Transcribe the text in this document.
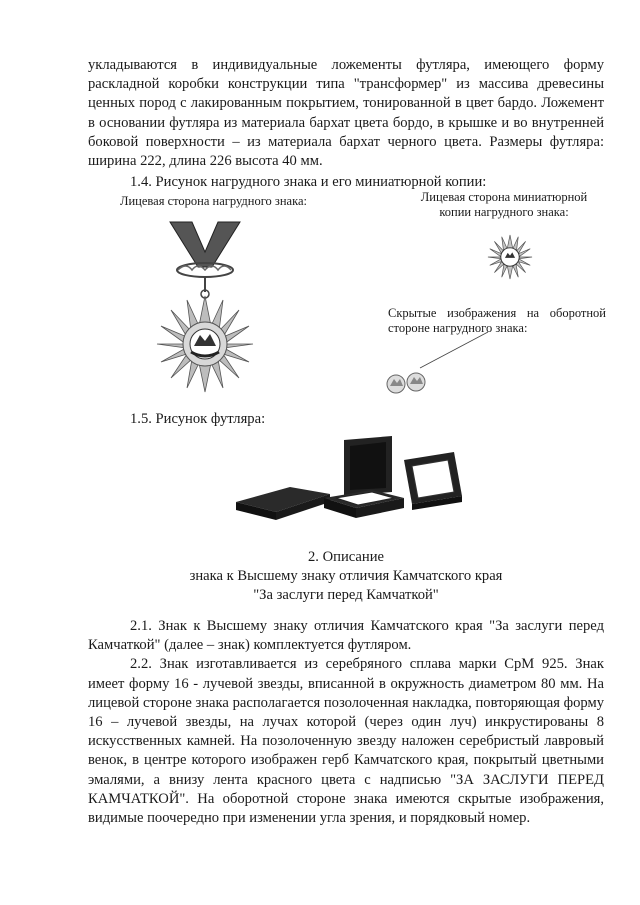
укладываются в индивидуальные ложементы футляра, имеющего форму раскладной коробки конструкции типа "трансформер" из массива древесины ценных пород с лакированным покрытием, тонированной в цвет бардо. Ложемент в основании футляра из материала бархат цвета бордо, в крышке и во внутренней боковой поверхности – из материала бархат черного цвета. Размеры футляра: ширина 222, длина 226 высота 40 мм.

1.4. Рисунок нагрудного знака и его миниатюрной копии:

Лицевая сторона нагрудного знака:	Лицевая сторона миниатюрной
копии нагрудного знака:
Скрытые изображения на оборотной
стороне нагрудного знака:
1.5. Рисунок футляра:
2. Описание
знака к Высшему знаку отличия Камчатского края
"За заслуги перед Камчаткой"

2.1. Знак к Высшему знаку отличия Камчатского края "За заслуги перед Камчаткой" (далее – знак) комплектуется футляром.

2.2. Знак изготавливается из серебряного сплава марки СрМ 925. Знак имеет форму 16 - лучевой звезды, вписанной в окружность диаметром 80 мм. На лицевой стороне знака располагается позолоченная накладка, повторяющая форму 16 – лучевой звезды, на лучах которой (через один луч) инкрустированы 8 искусственных камней. На позолоченную звезду наложен серебристый лавровый венок, в центре которого изображен герб Камчатского края, покрытый цветными эмалями, а внизу лента красного цвета с надписью "ЗА ЗАСЛУГИ ПЕРЕД КАМЧАТКОЙ". На оборотной стороне знака имеются скрытые изображения, видимые поочередно при изменении угла зрения, и порядковый номер.
